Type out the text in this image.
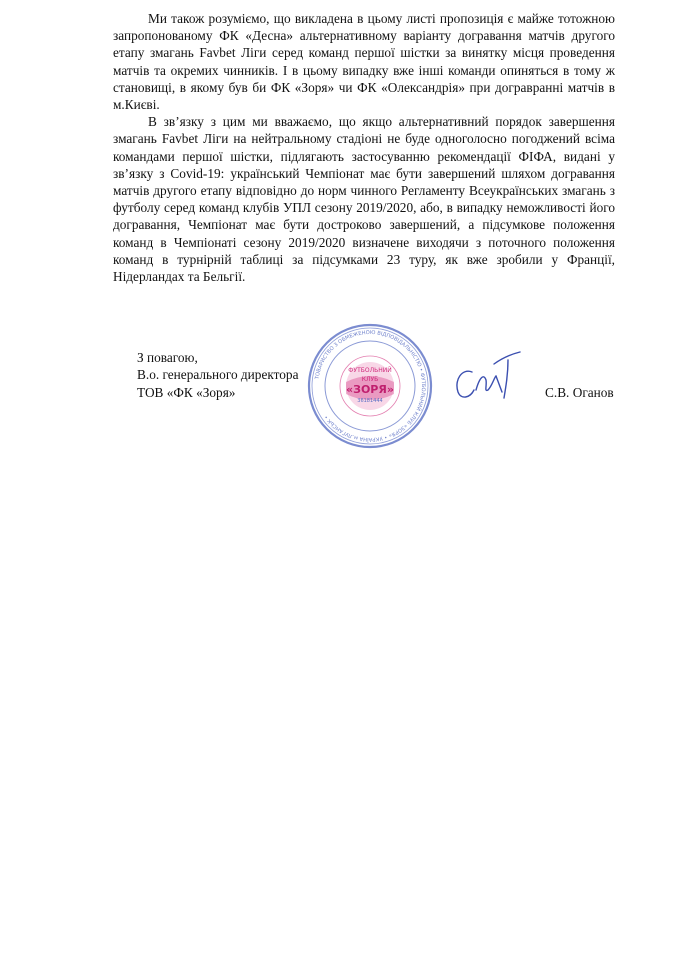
Ми також розуміємо, що викладена в цьому листі пропозиція є майже тотожною запропонованому ФК «Десна» альтернативному варіанту догравання матчів другого етапу змагань Favbet Ліги серед команд першої шістки за винятку місця проведення матчів та окремих чинників. І в цьому випадку вже інші команди опиняться в тому ж становищі, в якому був би ФК «Зоря» чи ФК «Олександрія» при догравранні матчів в м.Києві.

В зв’язку з цим ми вважаємо, що якщо альтернативний порядок завершення змагань Favbet Ліги на нейтральному стадіоні не буде одноголосно погоджений всіма командами першої шістки, підлягають застосуванню рекомендації ФІФА, видані у зв’язку з Covid-19: український Чемпіонат має бути завершений шляхом догравання матчів другого етапу відповідно до норм чинного Регламенту Всеукраїнських змагань з футболу серед команд клубів УПЛ сезону 2019/2020, або, в випадку неможливості його догравання, Чемпіонат має бути достроково завершений, а підсумкове положення команд в Чемпіонаті сезону 2019/2020 визначене виходячи з поточного положення команд в турнірній таблиці за підсумками 23 туру, як вже зробили у Франції, Нідерландах та Бельгії.

З повагою,
В.о. генерального директора
ТОВ «ФК «Зоря»
ТОВАРИСТВО З ОБМЕЖЕНОЮ ВІДПОВІДАЛЬНІСТЮ • ФУТБОЛЬНИЙ КЛУБ «ЗОРЯ» • УКРАЇНА м.ЛУГАНСЬК •
ФУТБОЛЬНИЙ
КЛУБ
«ЗОРЯ»
36181444
С.В. Оганов
